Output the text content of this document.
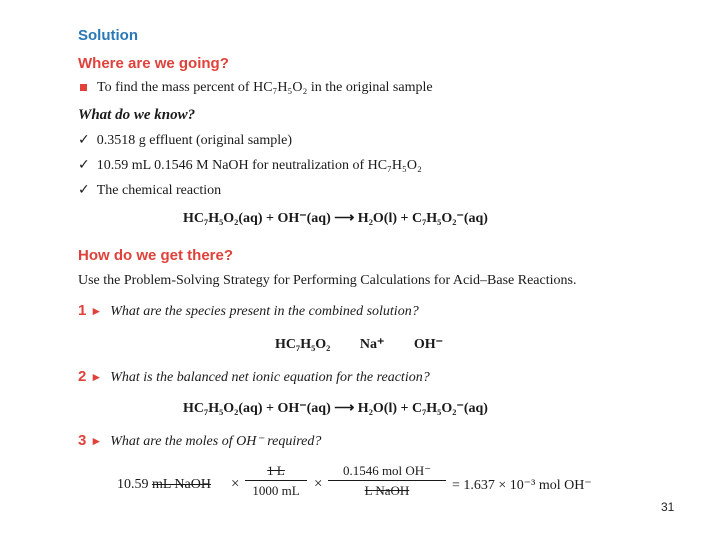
Solution
Where are we going?
To find the mass percent of HC₇H₅O₂ in the original sample
What do we know?
✓ 0.3518 g effluent (original sample)
✓ 10.59 mL 0.1546 M NaOH for neutralization of HC₇H₅O₂
✓ The chemical reaction
HC₇H₅O₂(aq) + OH⁻(aq) ⟶ H₂O(l) + C₇H₅O₂⁻(aq)
How do we get there?
Use the Problem-Solving Strategy for Performing Calculations for Acid–Base Reactions.
1 ► What are the species present in the combined solution?
HC₇H₅O₂ Na⁺ OH⁻
2 ► What is the balanced net ionic equation for the reaction?
HC₇H₅O₂(aq) + OH⁻(aq) ⟶ H₂O(l) + C₇H₅O₂⁻(aq)
3 ► What are the moles of OH⁻ required?
10.59 mL NaOH × $\frac{1 L}{1000 mL}$ ×
0.1546 mol OH⁻
L NaOH	= 1.637 × 10⁻³ mol OH⁻
31
